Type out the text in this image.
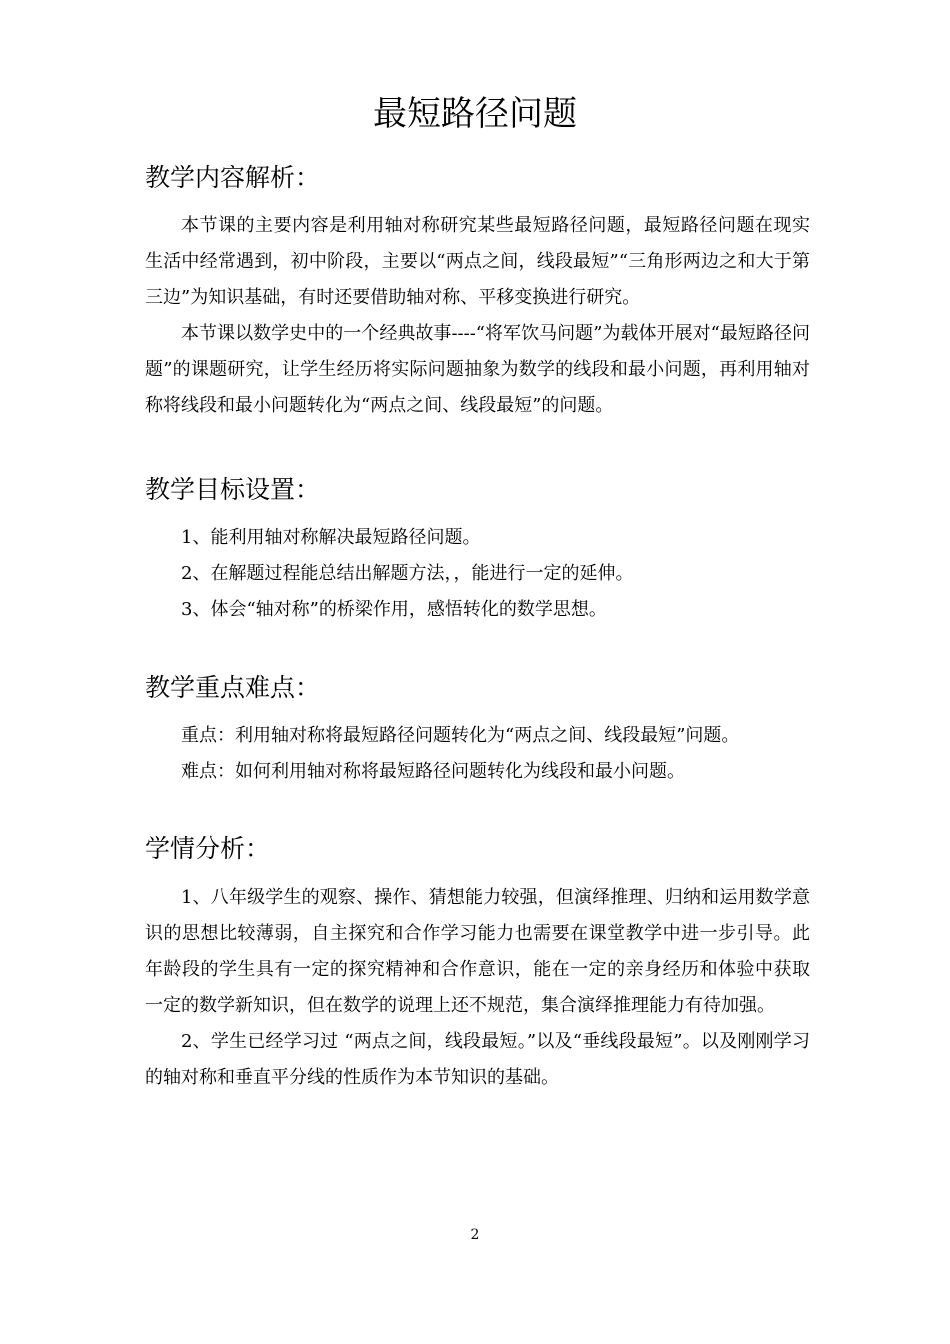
最短路径问题
教学内容解析：

本节课的主要内容是利用轴对称研究某些最短路径问题，最短路径问题在现实生活中经常遇到，初中阶段，主要以“两点之间，线段最短”“三角形两边之和大于第三边”为知识基础，有时还要借助轴对称、平移变换进行研究。

本节课以数学史中的一个经典故事----“将军饮马问题”为载体开展对“最短路径问题”的课题研究，让学生经历将实际问题抽象为数学的线段和最小问题，再利用轴对称将线段和最小问题转化为“两点之间、线段最短”的问题。

教学目标设置：
1、能利用轴对称解决最短路径问题。
2、在解题过程能总结出解题方法，，能进行一定的延伸。
3、体会“轴对称”的桥梁作用，感悟转化的数学思想。
教学重点难点：
重点：利用轴对称将最短路径问题转化为“两点之间、线段最短”问题。
难点：如何利用轴对称将最短路径问题转化为线段和最小问题。
学情分析：

1、八年级学生的观察、操作、猜想能力较强，但演绎推理、归纳和运用数学意识的思想比较薄弱，自主探究和合作学习能力也需要在课堂教学中进一步引导。此年龄段的学生具有一定的探究精神和合作意识，能在一定的亲身经历和体验中获取一定的数学新知识，但在数学的说理上还不规范，集合演绎推理能力有待加强。

2、学生已经学习过 “两点之间，线段最短。”以及“垂线段最短”。以及刚刚学习的轴对称和垂直平分线的性质作为本节知识的基础。

2
